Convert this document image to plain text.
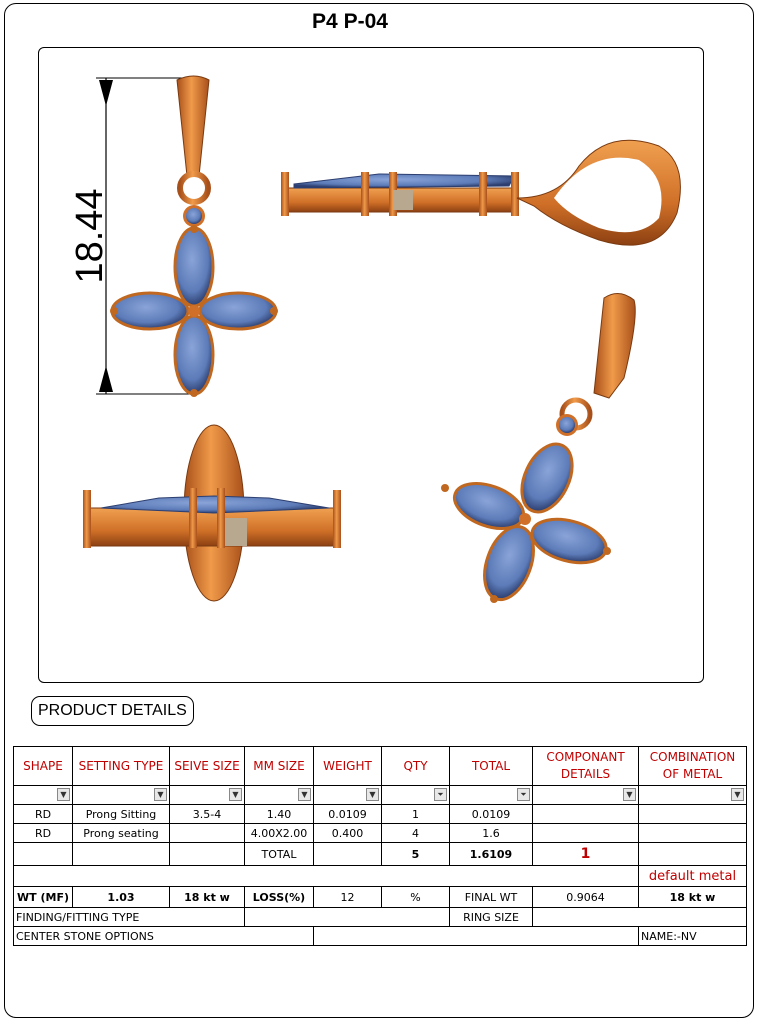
P4 P-04
18.44
PRODUCT DETAILS
SHAPE	SETTING TYPE	SEIVE SIZE	MM SIZE	WEIGHT	QTY	TOTAL	COMPONANT DETAILS	COMBINATION OF METAL

▼	▼	▼	▼	▼	⏷	⏷	▼	▼

RD	Prong Sitting	3.5-4	1.40	0.0109	1	0.0109		
RD	Prong seating		4.00X2.00	0.400	4	1.6		
			TOTAL		5	1.6109	1	
								default metal
WT (MF)	1.03	18 kt w	LOSS(%)	12	%	FINAL WT	0.9064	18 kt w
FINDING/FITTING TYPE						RING SIZE		
CENTER STONE OPTIONS								NAME:-NV
